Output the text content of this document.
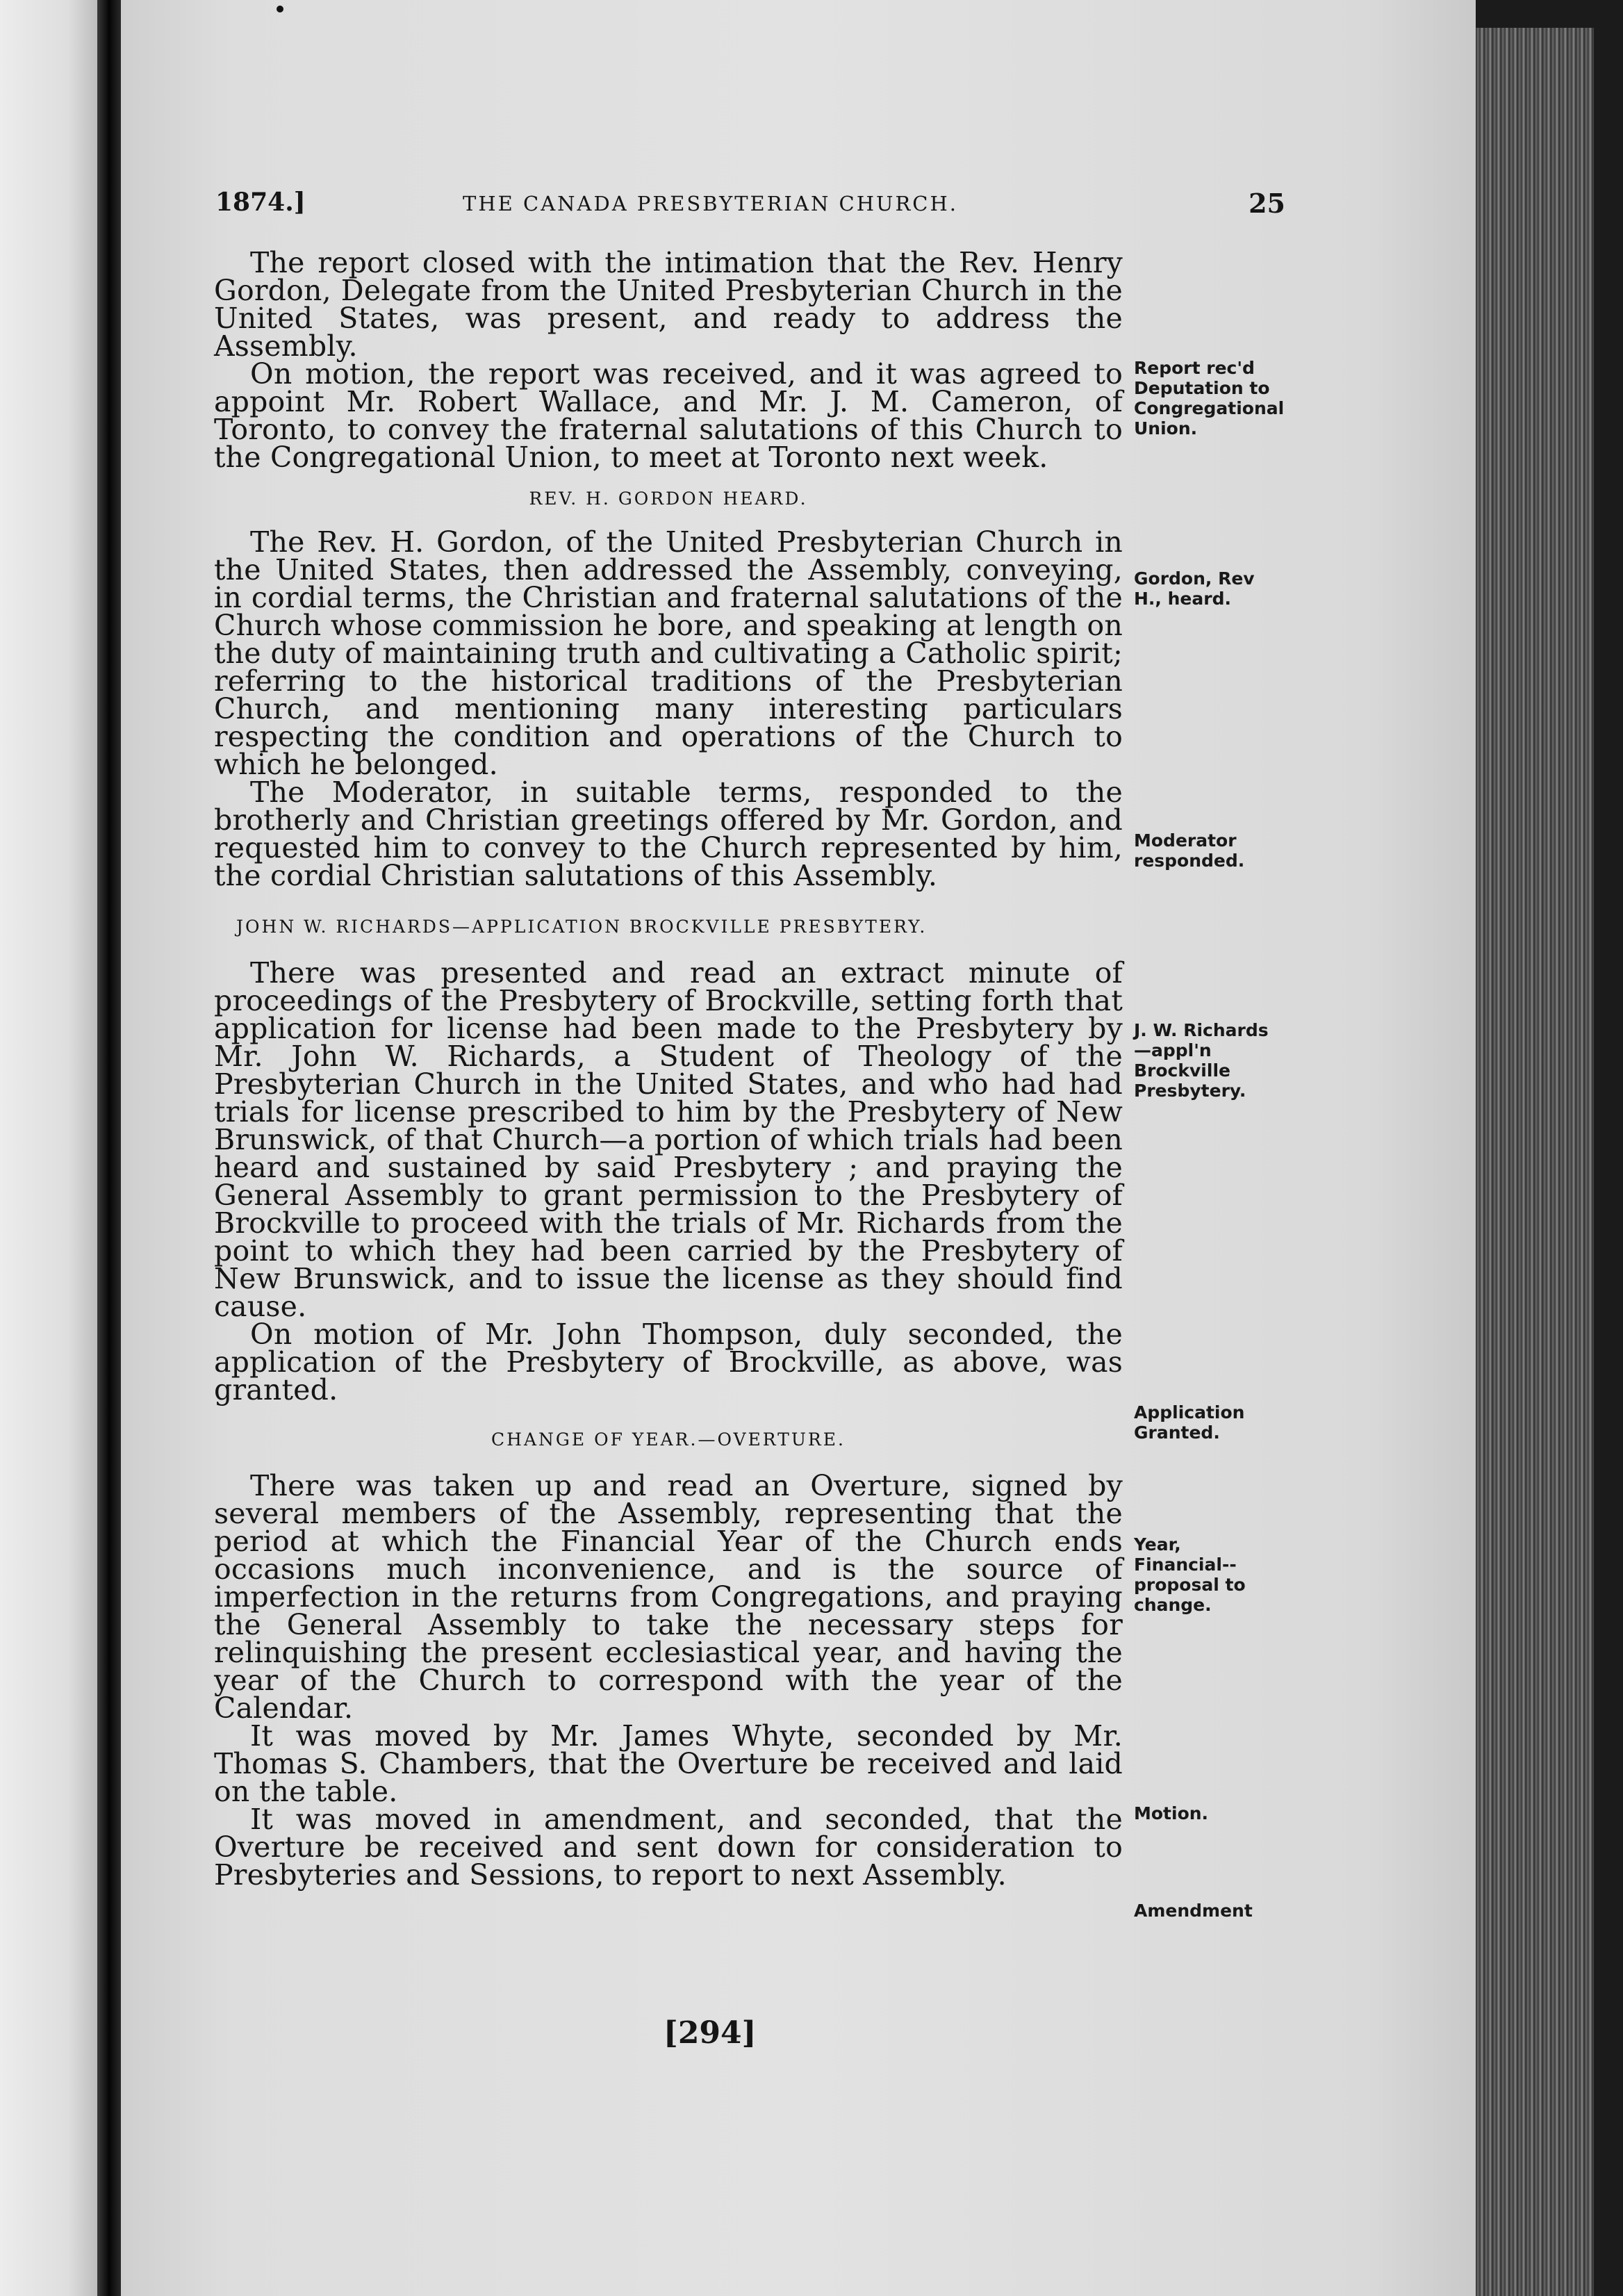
1874.]	THE CANADA PRESBYTERIAN CHURCH.	25

The report closed with the intimation that the Rev. Henry Gordon, Delegate from the United Presbyterian Church in the United States, was present, and ready to address the Assembly.

On motion, the report was received, and it was agreed to appoint Mr. Robert Wallace, and Mr. J. M. Cameron, of Toronto, to convey the fraternal salutations of this Church to the Congregational Union, to meet at Toronto next week.

REV. H. GORDON HEARD.

The Rev. H. Gordon, of the United Presbyterian Church in the United States, then addressed the Assembly, conveying, in cordial terms, the Christian and fraternal salutations of the Church whose commission he bore, and speaking at length on the duty of maintaining truth and cultivating a Catholic spirit; referring to the historical traditions of the Presbyterian Church, and mentioning many interesting particulars respecting the condition and operations of the Church to which he belonged.

The Moderator, in suitable terms, responded to the brotherly and Christian greetings offered by Mr. Gordon, and requested him to convey to the Church represented by him, the cordial Christian salutations of this Assembly.

JOHN W. RICHARDS—APPLICATION BROCKVILLE PRESBYTERY.

There was presented and read an extract minute of proceedings of the Presbytery of Brockville, setting forth that application for license had been made to the Presbytery by Mr. John W. Richards, a Student of Theology of the Presbyterian Church in the United States, and who had had trials for license prescribed to him by the Presbytery of New Brunswick, of that Church—a portion of which trials had been heard and sustained by said Presbytery ; and praying the General Assembly to grant permission to the Presbytery of Brockville to proceed with the trials of Mr. Richards from the point to which they had been carried by the Presbytery of New Brunswick, and to issue the license as they should find cause.

On motion of Mr. John Thompson, duly seconded, the application of the Presbytery of Brockville, as above, was granted.

CHANGE OF YEAR.—OVERTURE.

There was taken up and read an Overture, signed by several members of the Assembly, representing that the period at which the Financial Year of the Church ends occasions much inconvenience, and is the source of imperfection in the returns from Congregations, and praying the General Assembly to take the necessary steps for relinquishing the present ecclesiastical year, and having the year of the Church to correspond with the year of the Calendar.

It was moved by Mr. James Whyte, seconded by Mr. Thomas S. Chambers, that the Overture be received and laid on the table.

It was moved in amendment, and seconded, that the Overture be received and sent down for consideration to Presbyteries and Sessions, to report to next Assembly.

Report rec'd Deputation to Congregational Union.
Gordon, Rev H., heard.
Moderator responded.
J. W. Richards—appl'n Brockville Presbytery.
Application Granted.
Year, Financial--proposal to change.
Motion.
Amendment
[294]
